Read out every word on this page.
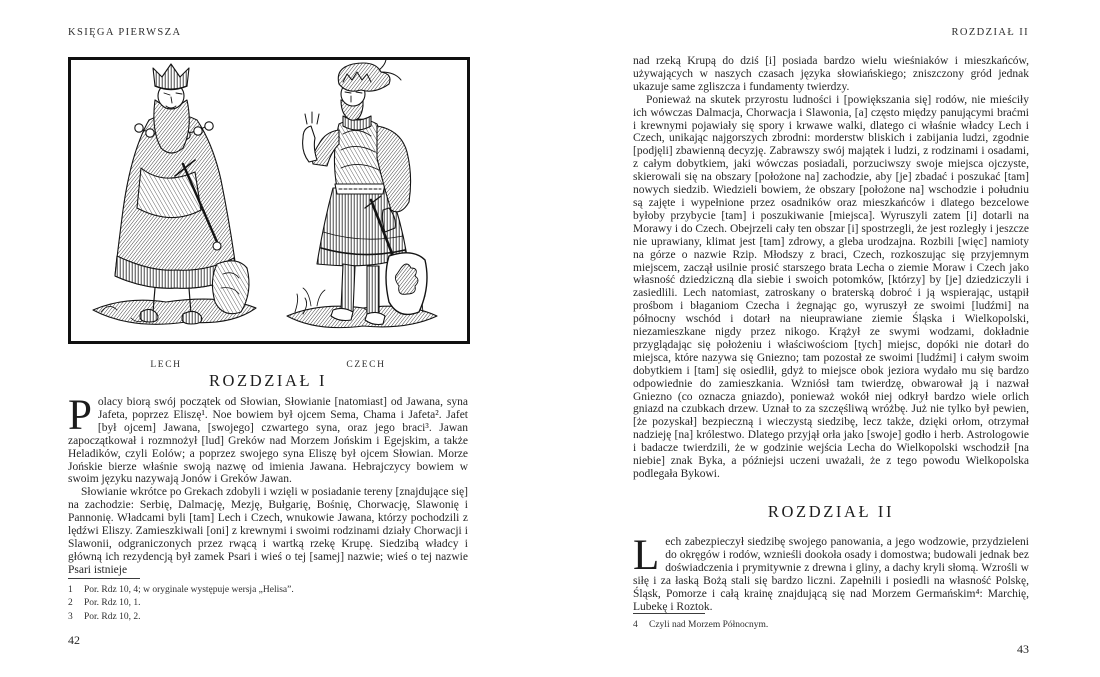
KSIĘGA PIERWSZA
LECH	CZECH
ROZDZIAŁ I

Polacy biorą swój początek od Słowian, Słowianie [natomiast] od Jawana, syna Jafeta, poprzez Eliszę¹. Noe bowiem był ojcem Sema, Chama i Jafeta². Jafet [był ojcem] Jawana, [swojego] czwartego syna, oraz jego braci³. Jawan zapoczątkował i rozmnożył [lud] Greków nad Morzem Jońskim i Egejskim, a także Heladików, czyli Eolów; a poprzez swojego syna Eliszę był ojcem Słowian. Morze Jońskie bierze właśnie swoją nazwę od imienia Jawana. Hebrajczycy bowiem w swoim języku nazywają Jonów i Greków Jawan.

Słowianie wkrótce po Grekach zdobyli i wzięli w posiadanie tereny [znajdujące się] na zachodzie: Serbię, Dalmację, Mezję, Bułgarię, Bośnię, Chorwację, Slawonię i Pannonię. Władcami byli [tam] Lech i Czech, wnukowie Jawana, którzy pochodzili z lędźwi Eliszy. Zamieszkiwali [oni] z krewnymi i swoimi rodzinami działy Chorwacji i Slawonii, odgraniczonych przez rwącą i wartką rzekę Krupę. Siedzibą władcy i główną ich rezydencją był zamek Psari i wieś o tej [samej] nazwie; wieś o tej nazwie Psari istnieje

1	Por. Rdz 10, 4; w oryginale występuje wersja „Helisa”.
2	Por. Rdz 10, 1.
3	Por. Rdz 10, 2.
42
ROZDZIAŁ II

nad rzeką Krupą do dziś [i] posiada bardzo wielu wieśniaków i mieszkańców, używających w naszych czasach języka słowiańskiego; zniszczony gród jednak ukazuje same zgliszcza i fundamenty twierdzy.

Ponieważ na skutek przyrostu ludności i [powiększania się] rodów, nie mieściły ich wówczas Dalmacja, Chorwacja i Slawonia, [a] często między panującymi braćmi i krewnymi pojawiały się spory i krwawe walki, dlatego ci właśnie władcy Lech i Czech, unikając najgorszych zbrodni: morderstw bliskich i zabijania ludzi, zgodnie [podjęli] zbawienną decyzję. Zabrawszy swój majątek i ludzi, z rodzinami i osadami, z całym dobytkiem, jaki wówczas posiadali, porzuciwszy swoje miejsca ojczyste, skierowali się na obszary [położone na] zachodzie, aby [je] zbadać i poszukać [tam] nowych siedzib. Wiedzieli bowiem, że obszary [położone na] wschodzie i południu są zajęte i wypełnione przez osadników oraz mieszkańców i dlatego bezcelowe byłoby przybycie [tam] i poszukiwanie [miejsca]. Wyruszyli zatem [i] dotarli na Morawy i do Czech. Obejrzeli cały ten obszar [i] spostrzegli, że jest rozległy i jeszcze nie uprawiany, klimat jest [tam] zdrowy, a gleba urodzajna. Rozbili [więc] namioty na górze o nazwie Rzip. Młodszy z braci, Czech, rozkoszując się przyjemnym miejscem, zaczął usilnie prosić starszego brata Lecha o ziemie Moraw i Czech jako własność dziedziczną dla siebie i swoich potomków, [którzy] by [je] dziedziczyli i zasiedlili. Lech natomiast, zatroskany o braterską dobroć i ją wspierając, ustąpił prośbom i błaganiom Czecha i żegnając go, wyruszył ze swoimi [ludźmi] na północny wschód i dotarł na nieuprawiane ziemie Śląska i Wielkopolski, niezamieszkane nigdy przez nikogo. Krążył ze swymi wodzami, dokładnie przyglądając się położeniu i właściwościom [tych] miejsc, dopóki nie dotarł do miejsca, które nazywa się Gniezno; tam pozostał ze swoimi [ludźmi] i całym swoim dobytkiem i [tam] się osiedlił, gdyż to miejsce obok jeziora wydało mu się bardzo odpowiednie do zamieszkania. Wzniósł tam twierdzę, obwarował ją i nazwał Gniezno (co oznacza gniazdo), ponieważ wokół niej odkrył bardzo wiele orlich gniazd na czubkach drzew. Uznał to za szczęśliwą wróżbę. Już nie tylko był pewien, [że pozyskał] bezpieczną i wieczystą siedzibę, lecz także, dzięki orłom, otrzymał nadzieję [na] królestwo. Dlatego przyjął orła jako [swoje] godło i herb. Astrologowie i badacze twierdzili, że w godzinie wejścia Lecha do Wielkopolski wschodził [na niebie] znak Byka, a późniejsi uczeni uważali, że z tego powodu Wielkopolska podlegała Bykowi.

ROZDZIAŁ II

Lech zabezpieczył siedzibę swojego panowania, a jego wodzowie, przydzieleni do okręgów i rodów, wznieśli dookoła osady i domostwa; budowali jednak bez doświadczenia i prymitywnie z drewna i gliny, a dachy kryli słomą. Wzrośli w siłę i za łaską Bożą stali się bardzo liczni. Zapełnili i posiedli na własność Polskę, Śląsk, Pomorze i całą krainę znajdującą się nad Morzem Germańskim⁴: Marchię, Lubekę i Roztok.

4	Czyli nad Morzem Północnym.
43
